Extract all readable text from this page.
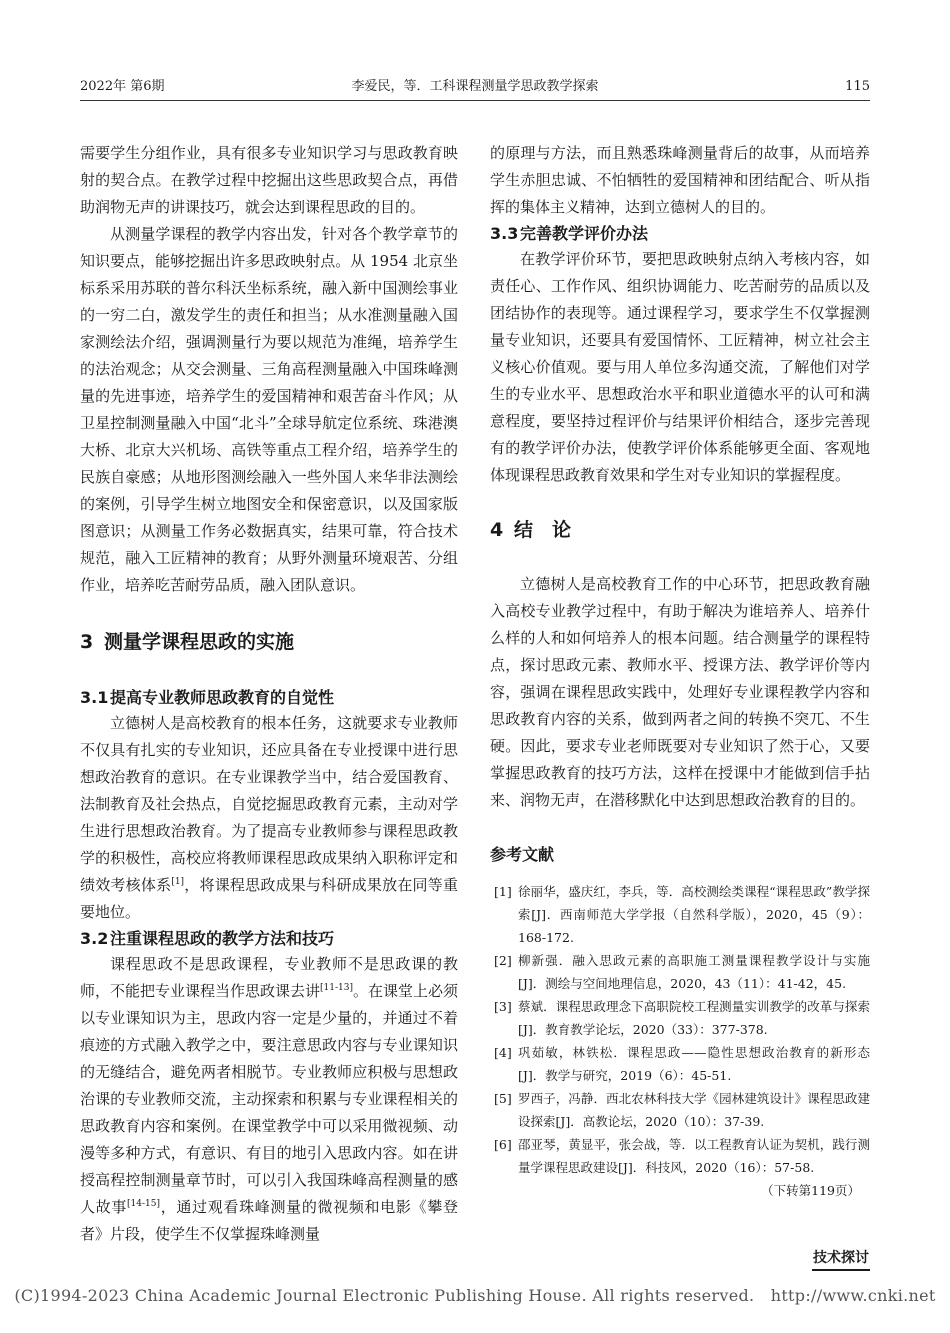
2022年 第6期	李爱民，等．工科课程测量学思政教学探索	115

需要学生分组作业，具有很多专业知识学习与思政教育映射的契合点。在教学过程中挖掘出这些思政契合点，再借助润物无声的讲课技巧，就会达到课程思政的目的。

从测量学课程的教学内容出发，针对各个教学章节的知识要点，能够挖掘出许多思政映射点。从 1954 北京坐标系采用苏联的普尔科沃坐标系统，融入新中国测绘事业的一穷二白，激发学生的责任和担当；从水准测量融入国家测绘法介绍，强调测量行为要以规范为准绳，培养学生的法治观念；从交会测量、三角高程测量融入中国珠峰测量的先进事迹，培养学生的爱国精神和艰苦奋斗作风；从卫星控制测量融入中国“北斗”全球导航定位系统、珠港澳大桥、北京大兴机场、高铁等重点工程介绍，培养学生的民族自豪感；从地形图测绘融入一些外国人来华非法测绘的案例，引导学生树立地图安全和保密意识，以及国家版图意识；从测量工作务必数据真实，结果可靠，符合技术规范，融入工匠精神的教育；从野外测量环境艰苦、分组作业，培养吃苦耐劳品质，融入团队意识。

3 测量学课程思政的实施
3.1 提高专业教师思政教育的自觉性

立德树人是高校教育的根本任务，这就要求专业教师不仅具有扎实的专业知识，还应具备在专业授课中进行思想政治教育的意识。在专业课教学当中，结合爱国教育、法制教育及社会热点，自觉挖掘思政教育元素，主动对学生进行思想政治教育。为了提高专业教师参与课程思政教学的积极性，高校应将教师课程思政成果纳入职称评定和绩效考核体系[1]，将课程思政成果与科研成果放在同等重要地位。

3.2 注重课程思政的教学方法和技巧

课程思政不是思政课程，专业教师不是思政课的教师，不能把专业课程当作思政课去讲[11-13]。在课堂上必须以专业课知识为主，思政内容一定是少量的，并通过不着痕迹的方式融入教学之中，要注意思政内容与专业课知识的无缝结合，避免两者相脱节。专业教师应积极与思想政治课的专业教师交流，主动探索和积累与专业课程相关的思政教育内容和案例。在课堂教学中可以采用微视频、动漫等多种方式，有意识、有目的地引入思政内容。如在讲授高程控制测量章节时，可以引入我国珠峰高程测量的感人故事[14-15]，通过观看珠峰测量的微视频和电影《攀登者》片段，使学生不仅掌握珠峰测量

的原理与方法，而且熟悉珠峰测量背后的故事，从而培养学生赤胆忠诚、不怕牺牲的爱国精神和团结配合、听从指挥的集体主义精神，达到立德树人的目的。

3.3 完善教学评价办法

在教学评价环节，要把思政映射点纳入考核内容，如责任心、工作作风、组织协调能力、吃苦耐劳的品质以及团结协作的表现等。通过课程学习，要求学生不仅掌握测量专业知识，还要具有爱国情怀、工匠精神，树立社会主义核心价值观。要与用人单位多沟通交流，了解他们对学生的专业水平、思想政治水平和职业道德水平的认可和满意程度，要坚持过程评价与结果评价相结合，逐步完善现有的教学评价办法，使教学评价体系能够更全面、客观地体现课程思政教育效果和学生对专业知识的掌握程度。

4 结　论

立德树人是高校教育工作的中心环节，把思政教育融入高校专业教学过程中，有助于解决为谁培养人、培养什么样的人和如何培养人的根本问题。结合测量学的课程特点，探讨思政元素、教师水平、授课方法、教学评价等内容，强调在课程思政实践中，处理好专业课程教学内容和思政教育内容的关系，做到两者之间的转换不突兀、不生硬。因此，要求专业老师既要对专业知识了然于心，又要掌握思政教育的技巧方法，这样在授课中才能做到信手拈来、润物无声，在潜移默化中达到思想政治教育的目的。

参考文献
[1] 徐丽华，盛庆红，李兵，等．高校测绘类课程“课程思政”教学探索[J]．西南师范大学学报（自然科学版），2020，45（9）：168-172.
[2] 柳新强．融入思政元素的高职施工测量课程教学设计与实施[J]．测绘与空间地理信息，2020，43（11）：41-42，45.
[3] 蔡斌．课程思政理念下高职院校工程测量实训教学的改革与探索[J]．教育教学论坛，2020（33）：377-378.
[4] 巩茹敏，林铁松．课程思政——隐性思想政治教育的新形态[J]．教学与研究，2019（6）：45-51.
[5] 罗西子，冯静．西北农林科技大学《园林建筑设计》课程思政建设探索[J]．高教论坛，2020（10）：37-39.
[6] 邵亚琴，黄显平，张会战，等．以工程教育认证为契机，践行测量学课程思政建设[J]．科技风，2020（16）：57-58.
（下转第119页）
技术探讨
(C)1994-2023 China Academic Journal Electronic Publishing House. All rights reserved.　http://www.cnki.net
